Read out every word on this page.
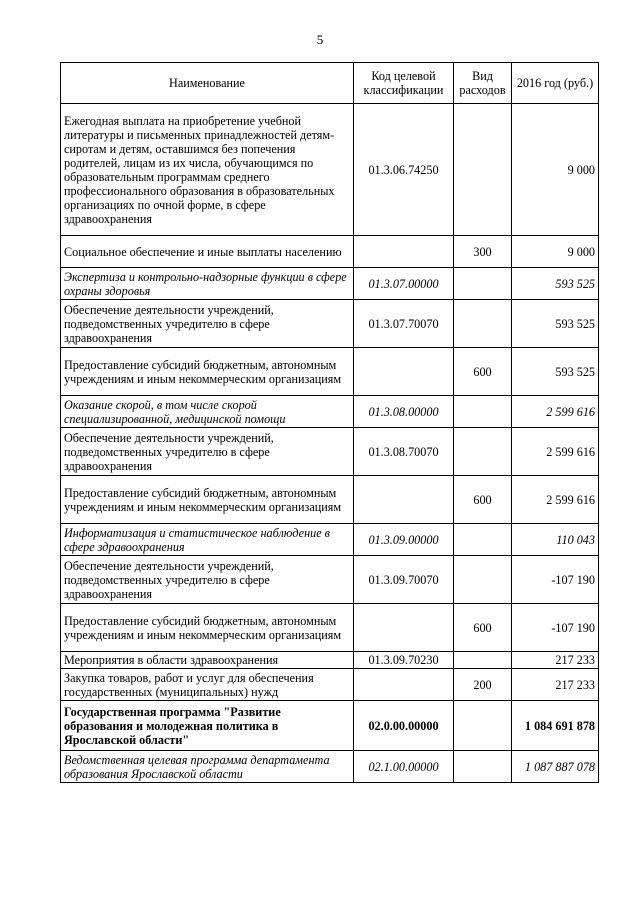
5
Наименование	Код целевой классификации	Вид расходов	2016 год (руб.)
Ежегодная выплата на приобретение учебной литературы и письменных принадлежностей детям-сиротам и детям, оставшимся без попечения родителей, лицам из их числа, обучающимся по образовательным программам среднего профессионального образования в образовательных организациях по очной форме, в сфере здравоохранения	01.3.06.74250		9 000
Социальное обеспечение и иные выплаты населению		300	9 000
Экспертиза и контрольно-надзорные функции в сфере охраны здоровья	01.3.07.00000		593 525
Обеспечение деятельности учреждений, подведомственных учредителю в сфере здравоохранения	01.3.07.70070		593 525
Предоставление субсидий бюджетным, автономным учреждениям и иным некоммерческим организациям		600	593 525
Оказание скорой, в том числе скорой специализированной, медицинской помощи	01.3.08.00000		2 599 616
Обеспечение деятельности учреждений, подведомственных учредителю в сфере здравоохранения	01.3.08.70070		2 599 616
Предоставление субсидий бюджетным, автономным учреждениям и иным некоммерческим организациям		600	2 599 616
Информатизация и статистическое наблюдение в сфере здравоохранения	01.3.09.00000		110 043
Обеспечение деятельности учреждений, подведомственных учредителю в сфере здравоохранения	01.3.09.70070		-107 190
Предоставление субсидий бюджетным, автономным учреждениям и иным некоммерческим организациям		600	-107 190
Мероприятия в области здравоохранения	01.3.09.70230		217 233
Закупка товаров, работ и услуг для обеспечения государственных (муниципальных) нужд		200	217 233
Государственная программа "Развитие образования и молодежная политика в Ярославской области"	02.0.00.00000		1 084 691 878
Ведомственная целевая программа департамента образования Ярославской области	02.1.00.00000		1 087 887 078
